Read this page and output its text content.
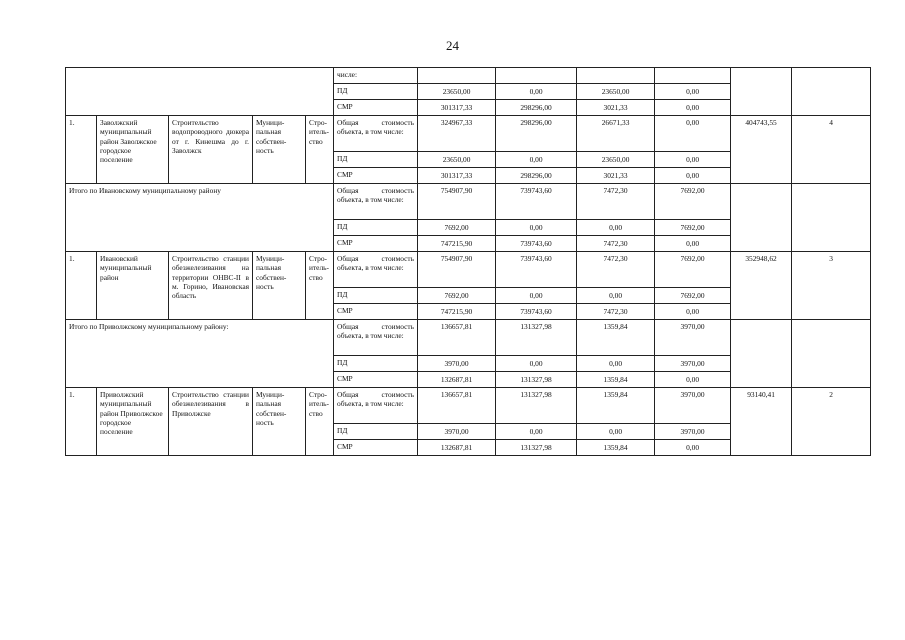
24
					числе:						
					ПД	23650,00	0,00	23650,00	0,00		
					СМР	301317,33	298296,00	3021,33	0,00		
1.	Заволжский муниципальный район Заволжское городское поселение	Строительство водопроводного дюкера от г. Кинешма до г. Заволжск	Муници-пальная собствен-ность	Стро-итель-ство	Общая стоимость объекта, в том числе:	324967,33	298296,00	26671,33	0,00	404743,55	4
					ПД	23650,00	0,00	23650,00	0,00		
					СМР	301317,33	298296,00	3021,33	0,00		
Итого по Ивановскому муниципальному району					Общая стоимость объекта, в том числе:	754907,90	739743,60	7472,30	7692,00		
					ПД	7692,00	0,00	0,00	7692,00		
					СМР	747215,90	739743,60	7472,30	0,00		
1.	Ивановский муниципальный район	Строительство станции обезжелезивания на территории ОНВС-II в м. Горино, Ивановская область	Муници-пальная собствен-ность	Стро-итель-ство	Общая стоимость объекта, в том числе:	754907,90	739743,60	7472,30	7692,00	352948,62	3
					ПД	7692,00	0,00	0,00	7692,00		
					СМР	747215,90	739743,60	7472,30	0,00		
Итого по Приволжскому муниципальному району:					Общая стоимость объекта, в том числе:	136657,81	131327,98	1359,84	3970,00		
					ПД	3970,00	0,00	0,00	3970,00		
					СМР	132687,81	131327,98	1359,84	0,00		
1.	Приволжский муниципальный район Приволжское городское поселение	Строительство станции обезжелезивания в Приволжске	Муници-пальная собствен-ность	Стро-итель-ство	Общая стоимость объекта, в том числе:	136657,81	131327,98	1359,84	3970,00	93140,41	2
					ПД	3970,00	0,00	0,00	3970,00		
					СМР	132687,81	131327,98	1359,84	0,00		
